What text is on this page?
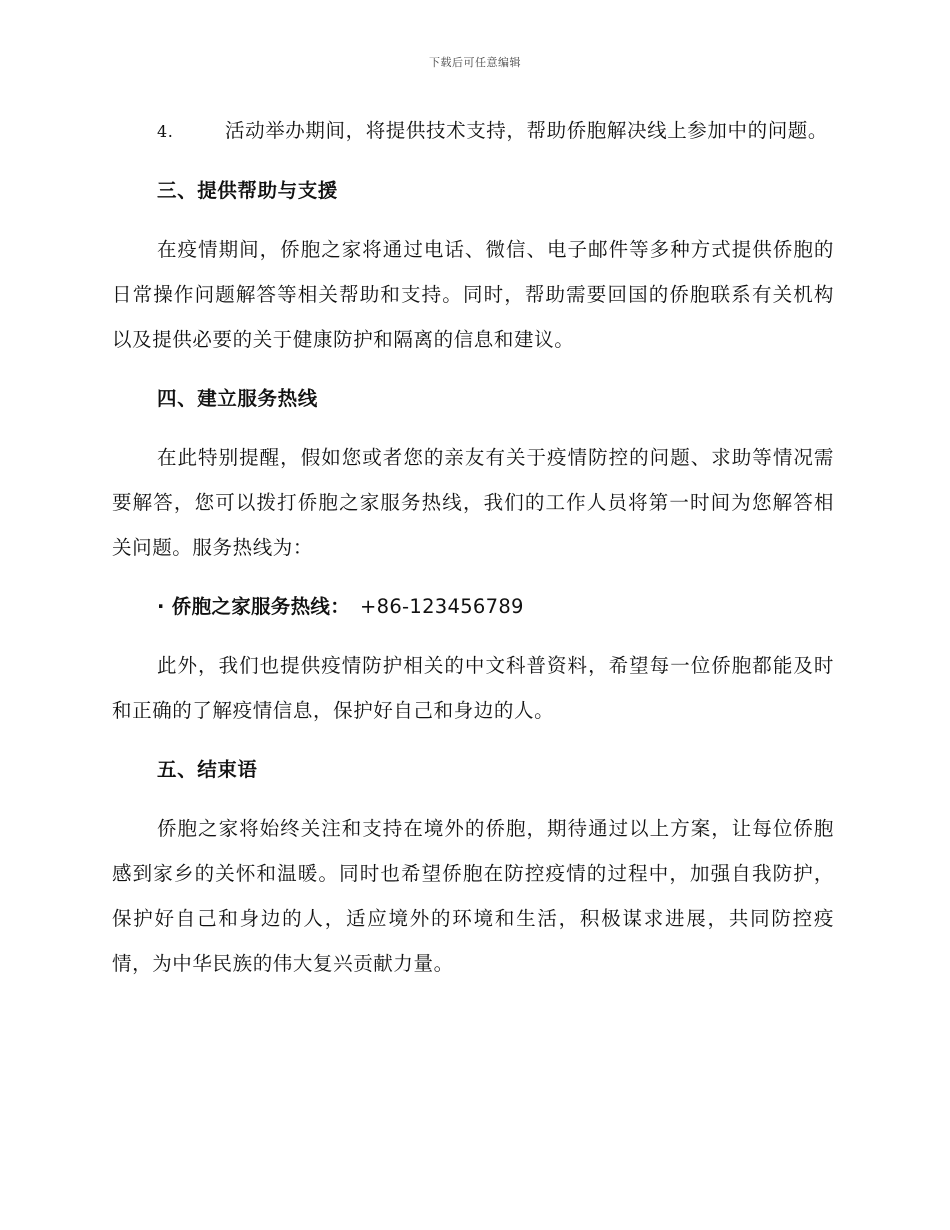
下载后可任意编辑

4.	活动举办期间，将提供技术支持，帮助侨胞解决线上参加中的问题。

三、提供帮助与支援

在疫情期间，侨胞之家将通过电话、微信、电子邮件等多种方式提供侨胞的日常操作问题解答等相关帮助和支持。同时，帮助需要回国的侨胞联系有关机构以及提供必要的关于健康防护和隔离的信息和建议。

四、建立服务热线

在此特别提醒，假如您或者您的亲友有关于疫情防控的问题、求助等情况需要解答，您可以拨打侨胞之家服务热线，我们的工作人员将第一时间为您解答相关问题。服务热线为：

· 侨胞之家服务热线： +86-123456789

此外，我们也提供疫情防护相关的中文科普资料，希望每一位侨胞都能及时和正确的了解疫情信息，保护好自己和身边的人。

五、结束语

侨胞之家将始终关注和支持在境外的侨胞，期待通过以上方案，让每位侨胞感到家乡的关怀和温暖。同时也希望侨胞在防控疫情的过程中，加强自我防护，保护好自己和身边的人，适应境外的环境和生活，积极谋求进展，共同防控疫情，为中华民族的伟大复兴贡献力量。
